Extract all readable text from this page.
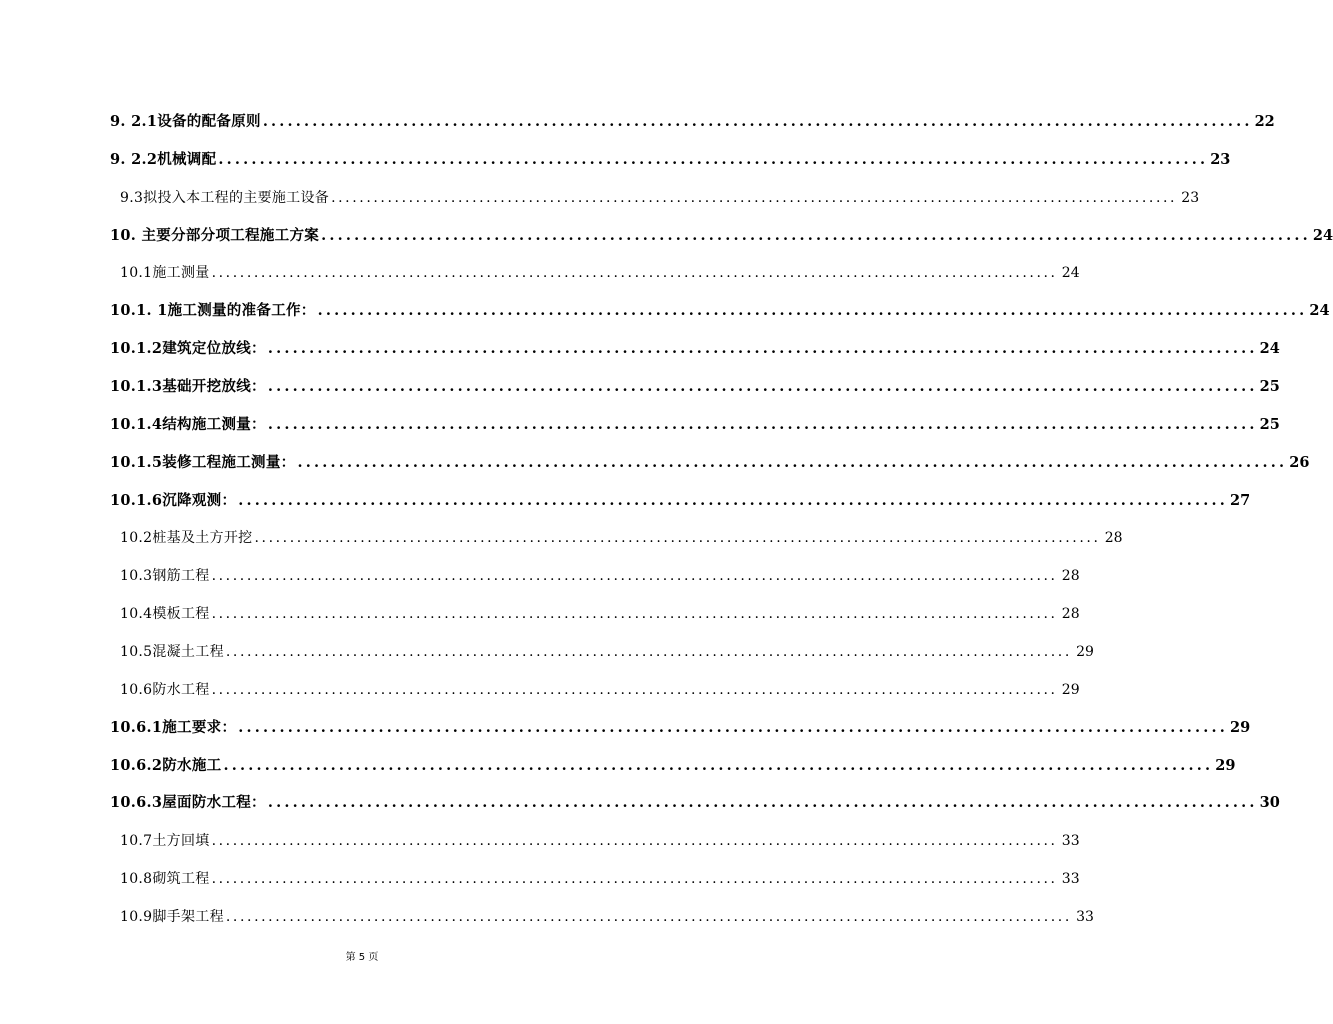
9. 2.1设备的配备原则 ........................................................................................................................ 22
9. 2.2机械调配 ........................................................................................................................ 23
9.3拟投入本工程的主要施工设备 ........................................................................................................................ 23
10. 主要分部分项工程施工方案 ........................................................................................................................ 24
10.1施工测量 ........................................................................................................................ 24
10.1. 1施工测量的准备工作： ........................................................................................................................ 24
10.1.2建筑定位放线： ........................................................................................................................ 24
10.1.3基础开挖放线： ........................................................................................................................ 25
10.1.4结构施工测量： ........................................................................................................................ 25
10.1.5装修工程施工测量： ........................................................................................................................ 26
10.1.6沉降观测： ........................................................................................................................ 27
10.2桩基及土方开挖 ........................................................................................................................ 28
10.3钢筋工程 ........................................................................................................................ 28
10.4模板工程 ........................................................................................................................ 28
10.5混凝土工程 ........................................................................................................................ 29
10.6防水工程 ........................................................................................................................ 29
10.6.1施工要求： ........................................................................................................................ 29
10.6.2防水施工 ........................................................................................................................ 29
10.6.3屋面防水工程： ........................................................................................................................ 30
10.7土方回填 ........................................................................................................................ 33
10.8砌筑工程 ........................................................................................................................ 33
10.9脚手架工程 ........................................................................................................................ 33
第 5 页
